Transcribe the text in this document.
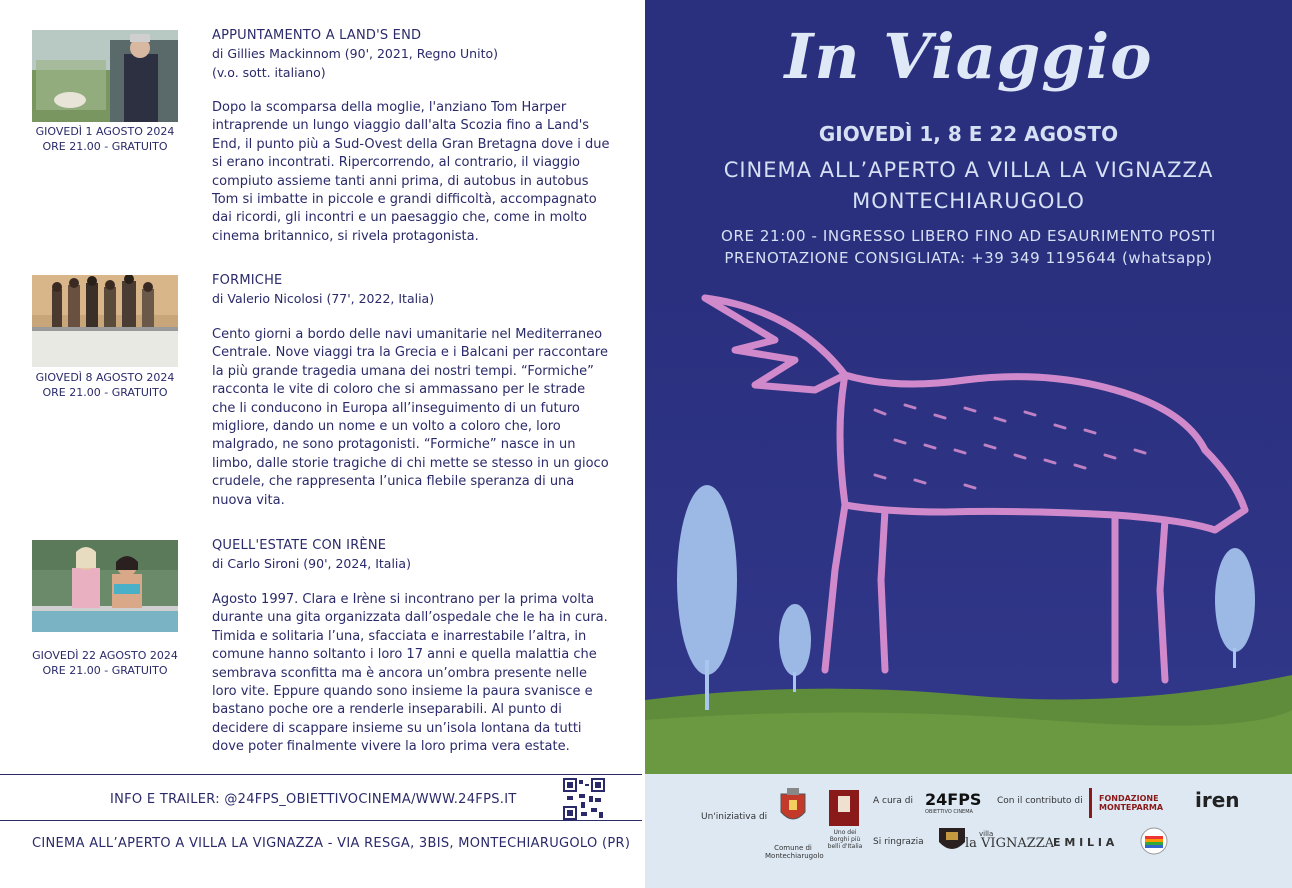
GIOVEDÌ 1 AGOSTO 2024
ORE 21.00 - GRATUITO
APPUNTAMENTO A LAND'S END
di Gillies Mackinnom (90', 2021, Regno Unito)
(v.o. sott. italiano)
Dopo la scomparsa della moglie, l'anziano Tom Harper intraprende un lungo viaggio dall'alta Scozia fino a Land's End, il punto più a Sud-Ovest della Gran Bretagna dove i due si erano incontrati. Ripercorrendo, al contrario, il viaggio compiuto assieme tanti anni prima, di autobus in autobus Tom si imbatte in piccole e grandi difficoltà, accompagnato dai ricordi, gli incontri e un paesaggio che, come in molto cinema britannico, si rivela protagonista.
GIOVEDÌ 8 AGOSTO 2024
ORE 21.00 - GRATUITO
FORMICHE
di Valerio Nicolosi (77', 2022, Italia)
Cento giorni a bordo delle navi umanitarie nel Mediterraneo Centrale. Nove viaggi tra la Grecia e i Balcani per raccontare la più grande tragedia umana dei nostri tempi. “Formiche” racconta le vite di coloro che si ammassano per le strade che li conducono in Europa all’inseguimento di un futuro migliore, dando un nome e un volto a coloro che, loro malgrado, ne sono protagonisti. “Formiche” nasce in un limbo, dalle storie tragiche di chi mette se stesso in un gioco crudele, che rappresenta l’unica flebile speranza di una nuova vita.
GIOVEDÌ 22 AGOSTO 2024
ORE 21.00 - GRATUITO
QUELL'ESTATE CON IRÈNE
di Carlo Sironi (90', 2024, Italia)
Agosto 1997. Clara e Irène si incontrano per la prima volta durante una gita organizzata dall’ospedale che le ha in cura. Timida e solitaria l’una, sfacciata e inarrestabile l’altra, in comune hanno soltanto i loro 17 anni e quella malattia che sembrava sconfitta ma è ancora un’ombra presente nelle loro vite. Eppure quando sono insieme la paura svanisce e bastano poche ore a renderle inseparabili. Al punto di decidere di scappare insieme su un’isola lontana da tutti dove poter finalmente vivere la loro prima vera estate.
INFO E TRAILER: @24FPS_OBIETTIVOCINEMA/WWW.24FPS.IT
CINEMA ALL’APERTO A VILLA LA VIGNAZZA - VIA RESGA, 3BIS, MONTECHIARUGOLO (PR)
In Viaggio
GIOVEDÌ 1, 8 E 22 AGOSTO
CINEMA ALL’APERTO A VILLA LA VIGNAZZA
MONTECHIARUGOLO
ORE 21:00 - INGRESSO LIBERO FINO AD ESAURIMENTO POSTI
PRENOTAZIONE CONSIGLIATA: +39 349 1195644 (whatsapp)
Un'iniziativa di
Comune di Montechiarugolo
Uno dei Borghi più belli d'Italia
A cura di 24FPS
OBIETTIVO CINEMA
Con il contributo di FONDAZIONE MONTEPARMA	iren
Si ringrazia
villa
la VIGNAZZA
E M I L I A
